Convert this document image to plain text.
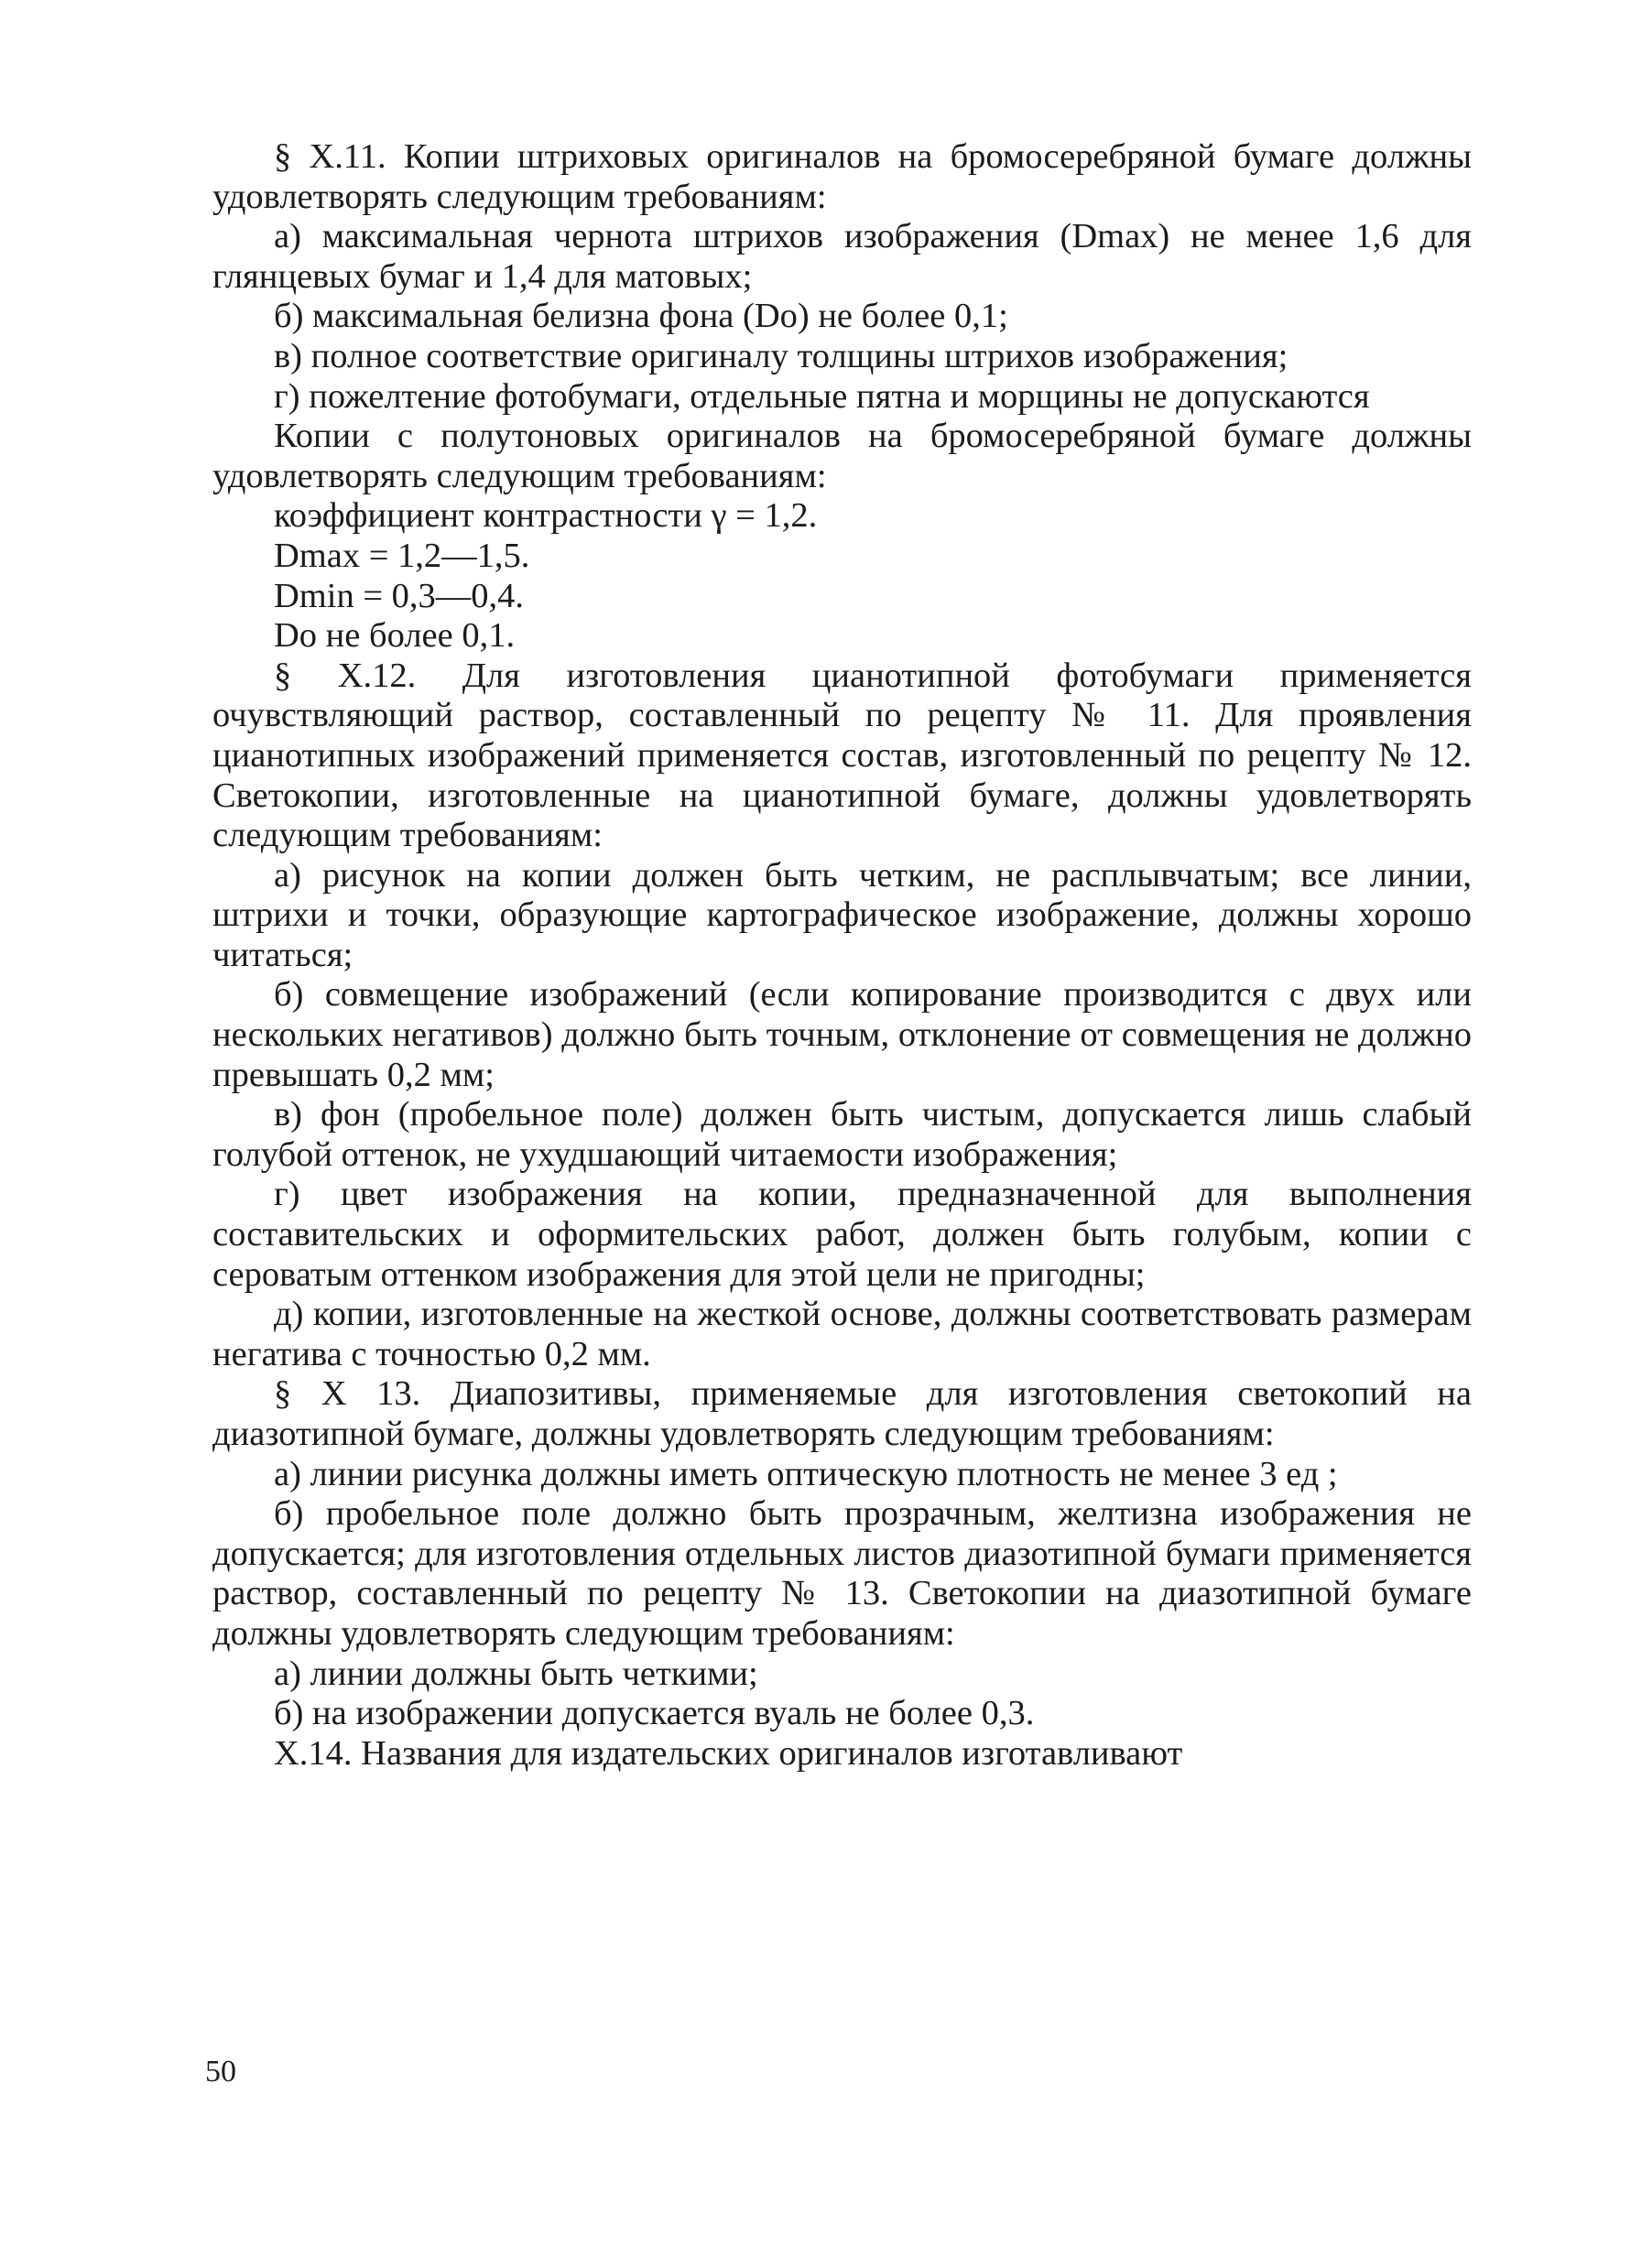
§ X.11. Копии штриховых оригиналов на бромосеребряной бумаге должны удовлетворять следующим требованиям:

а) максимальная чернота штрихов изображения (Dmax) не менее 1,6 для глянцевых бумаг и 1,4 для матовых;

б) максимальная белизна фона (Do) не более 0,1;

в) полное соответствие оригиналу толщины штрихов изображения;

г) пожелтение фотобумаги, отдельные пятна и морщины не допускаются

Копии с полутоновых оригиналов на бромосеребряной бумаге должны удовлетворять следующим требованиям:

коэффициент контрастности γ = 1,2.

Dmax = 1,2—1,5.

Dmin = 0,3—0,4.

Do не более 0,1.

§ X.12. Для изготовления цианотипной фотобумаги применяется очувствляющий раствор, составленный по рецепту № 11. Для проявления цианотипных изображений применяется состав, изготовленный по рецепту № 12. Светокопии, изготовленные на цианотипной бумаге, должны удовлетворять следующим требованиям:

а) рисунок на копии должен быть четким, не расплывчатым; все линии, штрихи и точки, образующие картографическое изображение, должны хорошо читаться;

б) совмещение изображений (если копирование производится с двух или нескольких негативов) должно быть точным, отклонение от совмещения не должно превышать 0,2 мм;

в) фон (пробельное поле) должен быть чистым, допускается лишь слабый голубой оттенок, не ухудшающий читаемости изображения;

г) цвет изображения на копии, предназначенной для выполнения составительских и оформительских работ, должен быть голубым, копии с сероватым оттенком изображения для этой цели не пригодны;

д) копии, изготовленные на жесткой основе, должны соответствовать размерам негатива с точностью 0,2 мм.

§ X 13. Диапозитивы, применяемые для изготовления светокопий на диазотипной бумаге, должны удовлетворять следующим требованиям:

а) линии рисунка должны иметь оптическую плотность не менее 3 ед ;

б) пробельное поле должно быть прозрачным, желтизна изображения не допускается; для изготовления отдельных листов диазотипной бумаги применяется раствор, составленный по рецепту № 13. Светокопии на диазотипной бумаге должны удовлетворять следующим требованиям:

а) линии должны быть четкими;

б) на изображении допускается вуаль не более 0,3.

X.14. Названия для издательских оригиналов изготавливают

50
